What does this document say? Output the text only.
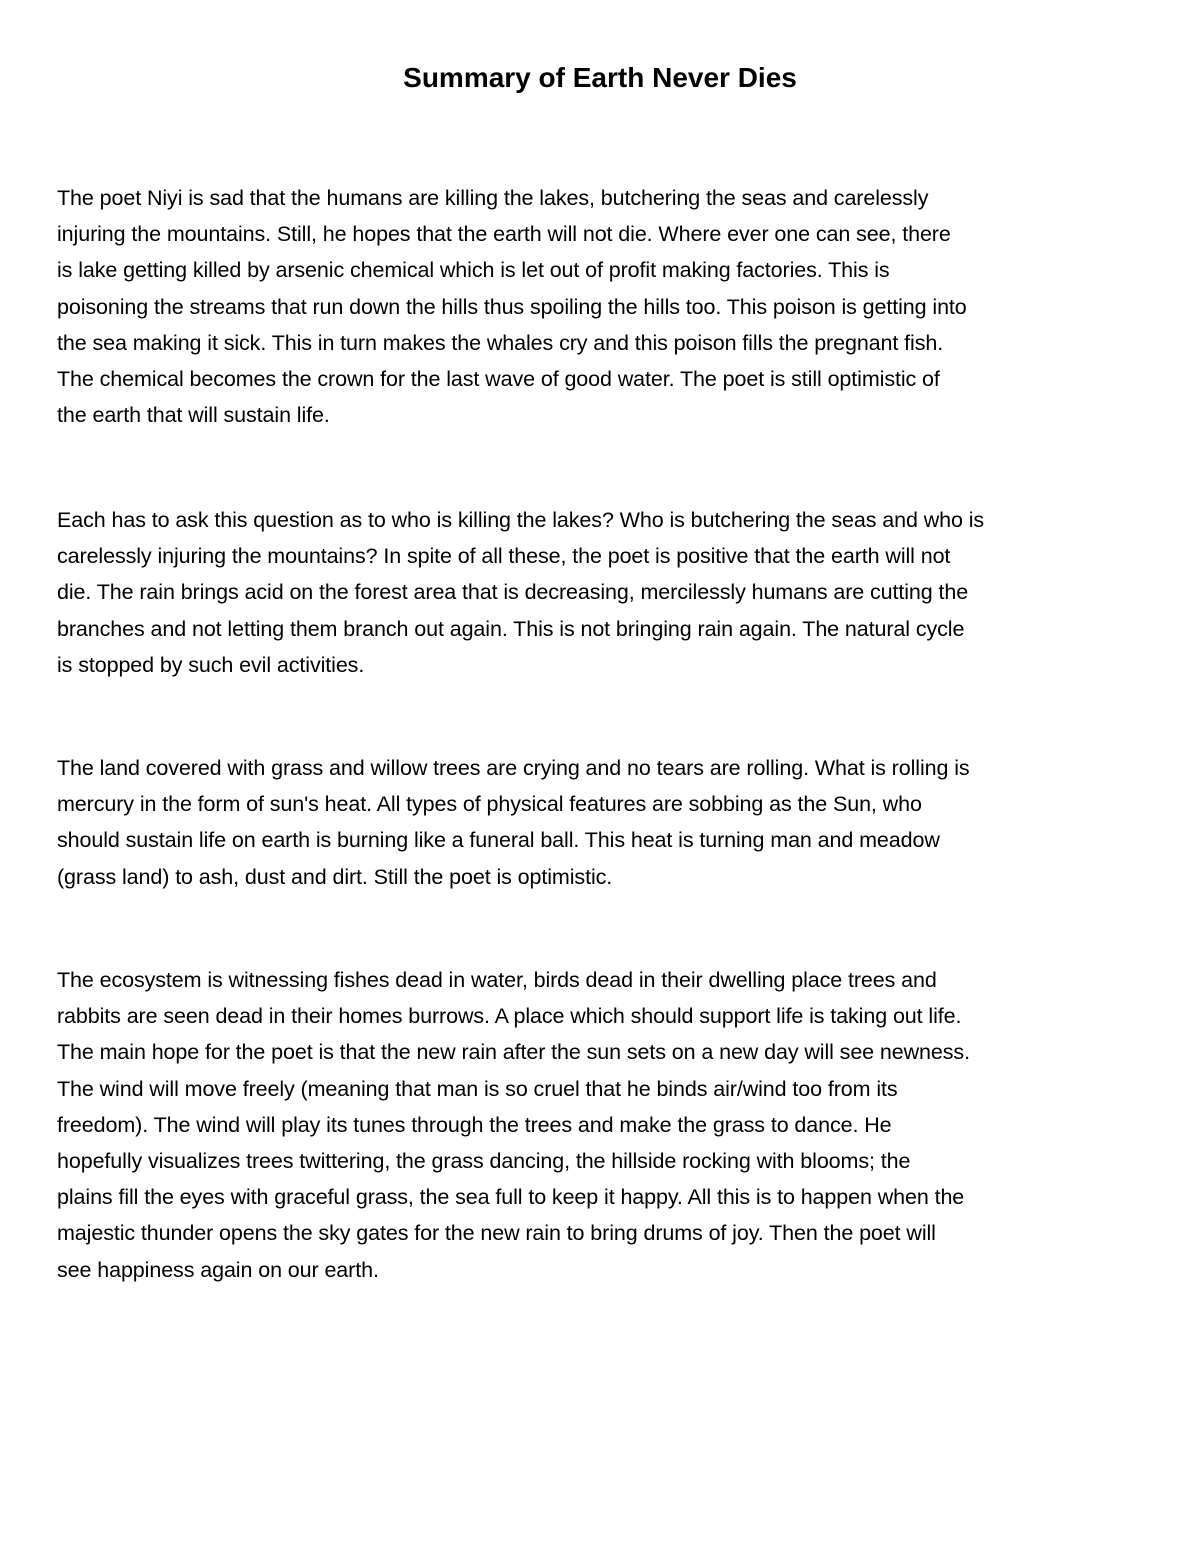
Summary of Earth Never Dies

The poet Niyi is sad that the humans are killing the lakes, butchering the seas and carelessly
injuring the mountains. Still, he hopes that the earth will not die. Where ever one can see, there
is lake getting killed by arsenic chemical which is let out of profit making factories. This is
poisoning the streams that run down the hills thus spoiling the hills too. This poison is getting into
the sea making it sick. This in turn makes the whales cry and this poison fills the pregnant fish.
The chemical becomes the crown for the last wave of good water. The poet is still optimistic of
the earth that will sustain life.

Each has to ask this question as to who is killing the lakes? Who is butchering the seas and who is
carelessly injuring the mountains? In spite of all these, the poet is positive that the earth will not
die. The rain brings acid on the forest area that is decreasing, mercilessly humans are cutting the
branches and not letting them branch out again. This is not bringing rain again. The natural cycle
is stopped by such evil activities.

The land covered with grass and willow trees are crying and no tears are rolling. What is rolling is
mercury in the form of sun's heat. All types of physical features are sobbing as the Sun, who
should sustain life on earth is burning like a funeral ball. This heat is turning man and meadow
(grass land) to ash, dust and dirt. Still the poet is optimistic.

The ecosystem is witnessing fishes dead in water, birds dead in their dwelling place trees and
rabbits are seen dead in their homes burrows. A place which should support life is taking out life.
The main hope for the poet is that the new rain after the sun sets on a new day will see newness.
The wind will move freely (meaning that man is so cruel that he binds air/wind too from its
freedom). The wind will play its tunes through the trees and make the grass to dance. He
hopefully visualizes trees twittering, the grass dancing, the hillside rocking with blooms; the
plains fill the eyes with graceful grass, the sea full to keep it happy. All this is to happen when the
majestic thunder opens the sky gates for the new rain to bring drums of joy. Then the poet will
see happiness again on our earth.
